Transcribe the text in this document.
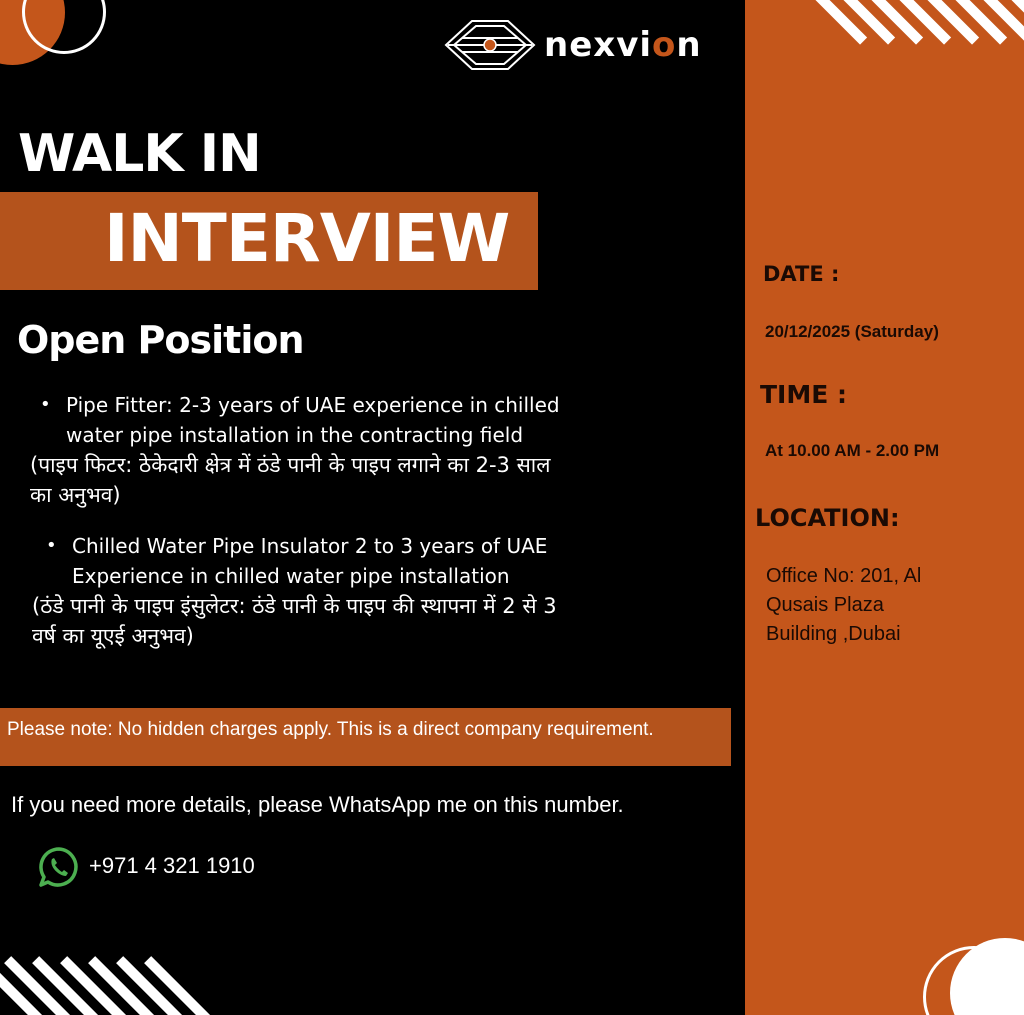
nexvion
WALK IN
INTERVIEW
Open Position
• Pipe Fitter: 2-3 years of UAE experience in chilled
water pipe installation in the contracting field
(पाइप फिटर: ठेकेदारी क्षेत्र में ठंडे पानी के पाइप लगाने का 2-3 साल
का अनुभव)
• Chilled Water Pipe Insulator 2 to 3 years of UAE
Experience in chilled water pipe installation
(ठंडे पानी के पाइप इंसुलेटर: ठंडे पानी के पाइप की स्थापना में 2 से 3
वर्ष का यूएई अनुभव)
Please note: No hidden charges apply. This is a direct company requirement.
If you need more details, please WhatsApp me on this number.
+971 4 321 1910
DATE :
20/12/2025 (Saturday)
TIME :
At 10.00 AM - 2.00 PM
LOCATION:
Office No: 201, Al
Qusais Plaza
Building ,Dubai
